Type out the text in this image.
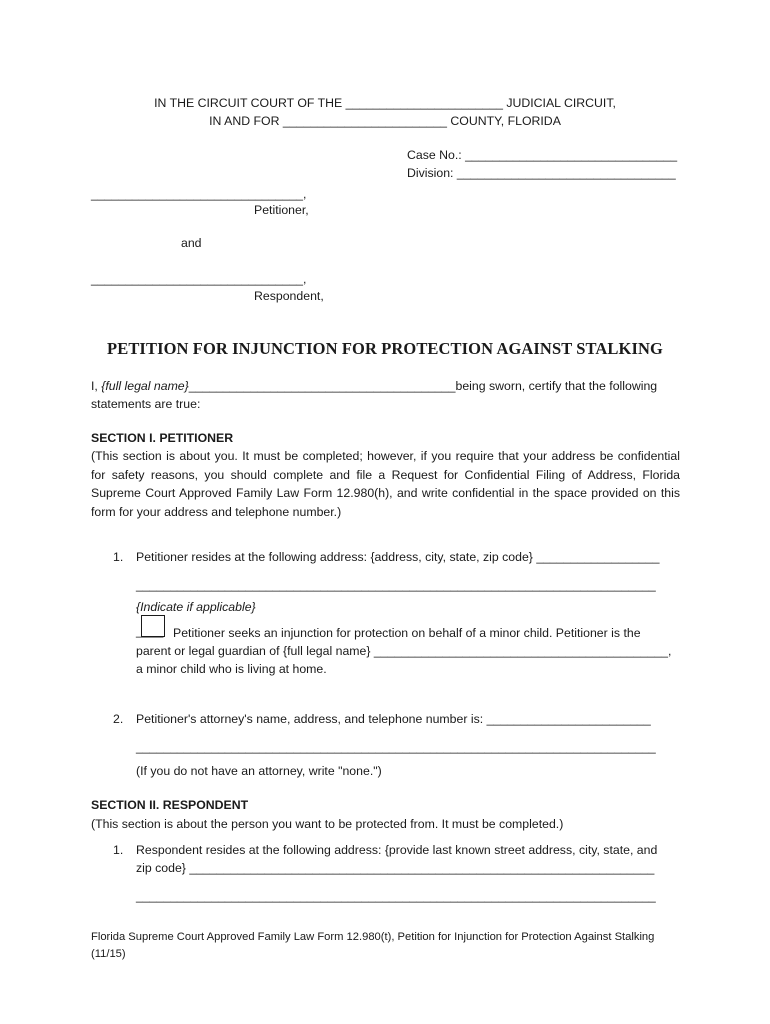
IN THE CIRCUIT COURT OF THE _______________________ JUDICIAL CIRCUIT,
IN AND FOR ________________________ COUNTY, FLORIDA
Case No.: _______________________________
Division: ________________________________
_______________________________,
Petitioner,
and
_______________________________,
Respondent,
PETITION FOR INJUNCTION FOR PROTECTION AGAINST STALKING
I, {full legal name}_______________________________________being sworn, certify that the following
statements are true:
SECTION I. PETITIONER
(This section is about you. It must be completed; however, if you require that your address be confidential for safety reasons, you should complete and file a Request for Confidential Filing of Address, Florida Supreme Court Approved Family Law Form 12.980(h), and write confidential in the space provided on this form for your address and telephone number.)
1. Petitioner resides at the following address: {address, city, state, zip code} __________________
____________________________________________________________________________
{Indicate if applicable}
____ Petitioner seeks an injunction for protection on behalf of a minor child. Petitioner is the
parent or legal guardian of {full legal name} ___________________________________________,
a minor child who is living at home.
2. Petitioner's attorney's name, address, and telephone number is: ________________________
____________________________________________________________________________
(If you do not have an attorney, write "none.")
SECTION II. RESPONDENT
(This section is about the person you want to be protected from. It must be completed.)
1. Respondent resides at the following address: {provide last known street address, city, state, and
zip code} ____________________________________________________________________
____________________________________________________________________________
Florida Supreme Court Approved Family Law Form 12.980(t), Petition for Injunction for Protection Against Stalking
(11/15)
